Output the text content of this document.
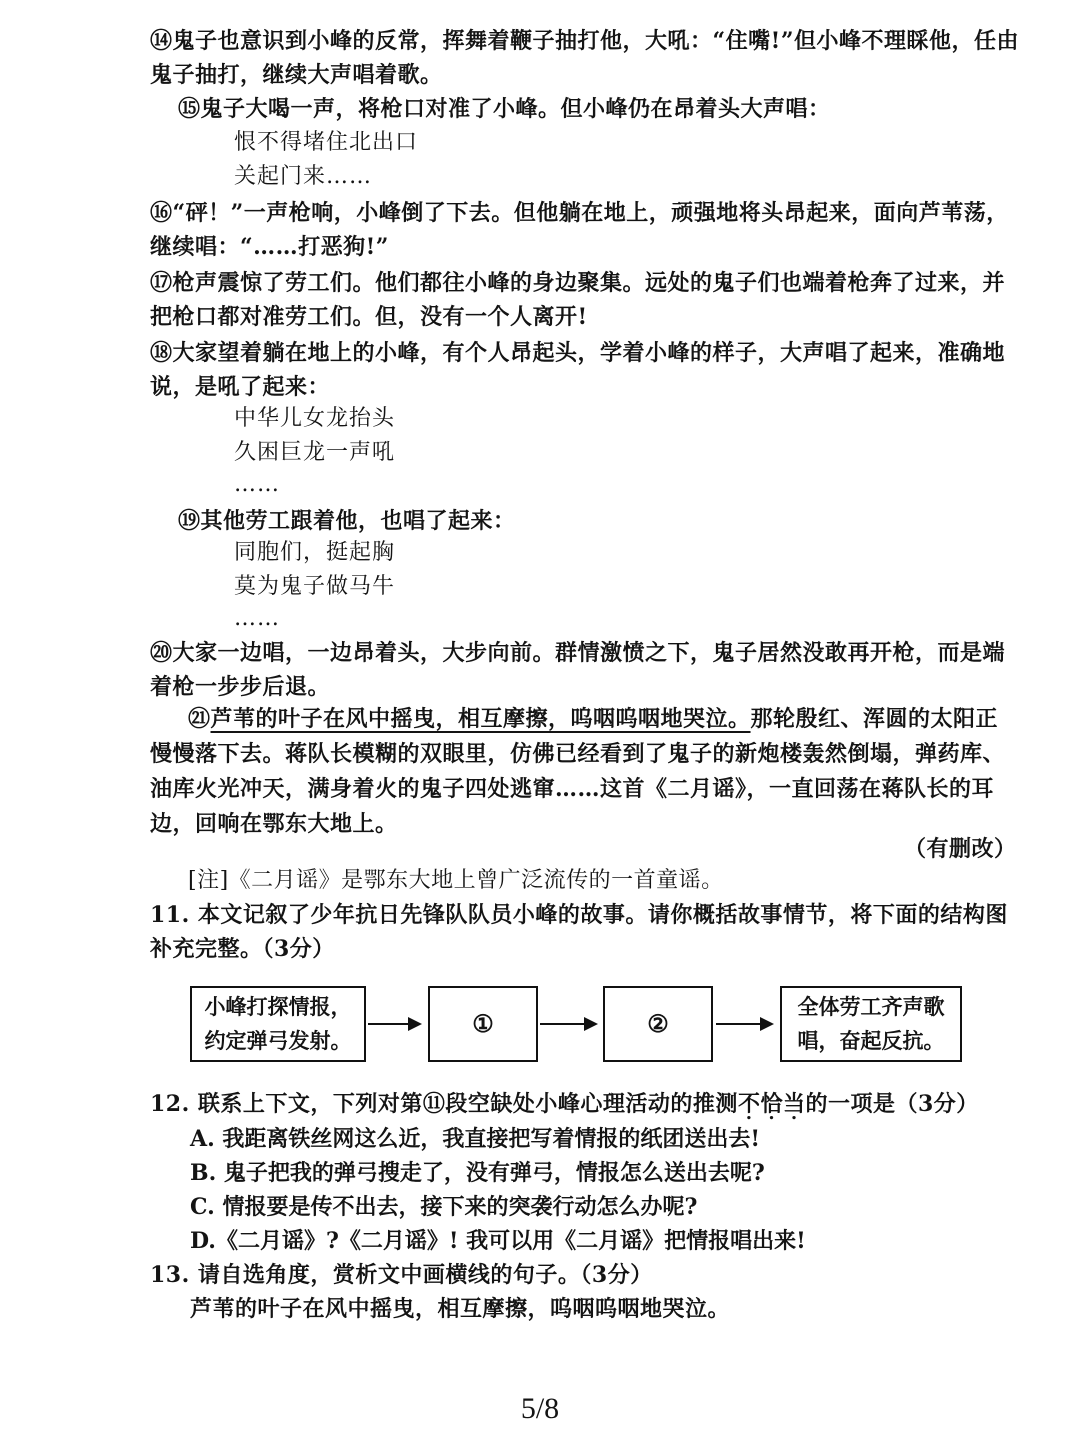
⑭鬼子也意识到小峰的反常，挥舞着鞭子抽打他，大吼：“住嘴!”但小峰不理睬他，任由鬼子抽打，继续大声唱着歌。
⑮鬼子大喝一声，将枪口对准了小峰。但小峰仍在昂着头大声唱：
恨不得堵住北出口
关起门来……
⑯“砰！”一声枪响，小峰倒了下去。但他躺在地上，顽强地将头昂起来，面向芦苇荡，继续唱：“……打恶狗!”
⑰枪声震惊了劳工们。他们都往小峰的身边聚集。远处的鬼子们也端着枪奔了过来，并把枪口都对准劳工们。但，没有一个人离开!
⑱大家望着躺在地上的小峰，有个人昂起头，学着小峰的样子，大声唱了起来，准确地说，是吼了起来：
中华儿女龙抬头
久困巨龙一声吼
……
⑲其他劳工跟着他，也唱了起来：
同胞们，挺起胸
莫为鬼子做马牛
……
⑳大家一边唱，一边昂着头，大步向前。群情激愤之下，鬼子居然没敢再开枪，而是端着枪一步步后退。
㉑芦苇的叶子在风中摇曳，相互摩擦，呜咽呜咽地哭泣。那轮殷红、浑圆的太阳正慢慢落下去。蒋队长模糊的双眼里，仿佛已经看到了鬼子的新炮楼轰然倒塌，弹药库、油库火光冲天，满身着火的鬼子四处逃窜……这首《二月谣》，一直回荡在蒋队长的耳边，回响在鄂东大地上。
（有删改）
[注]《二月谣》是鄂东大地上曾广泛流传的一首童谣。
11. 本文记叙了少年抗日先锋队队员小峰的故事。请你概括故事情节，将下面的结构图补充完整。（3分）
小峰打探情报，
约定弹弓发射。
①	②
全体劳工齐声歌
唱，奋起反抗。
12. 联系上下文，下列对第⑪段空缺处小峰心理活动的推测不恰当的一项是（3分）
A. 我距离铁丝网这么近，我直接把写着情报的纸团送出去!
B. 鬼子把我的弹弓搜走了，没有弹弓，情报怎么送出去呢?
C. 情报要是传不出去，接下来的突袭行动怎么办呢?
D.《二月谣》?《二月谣》! 我可以用《二月谣》把情报唱出来!
13. 请自选角度，赏析文中画横线的句子。（3分）
芦苇的叶子在风中摇曳，相互摩擦，呜咽呜咽地哭泣。
5/8
